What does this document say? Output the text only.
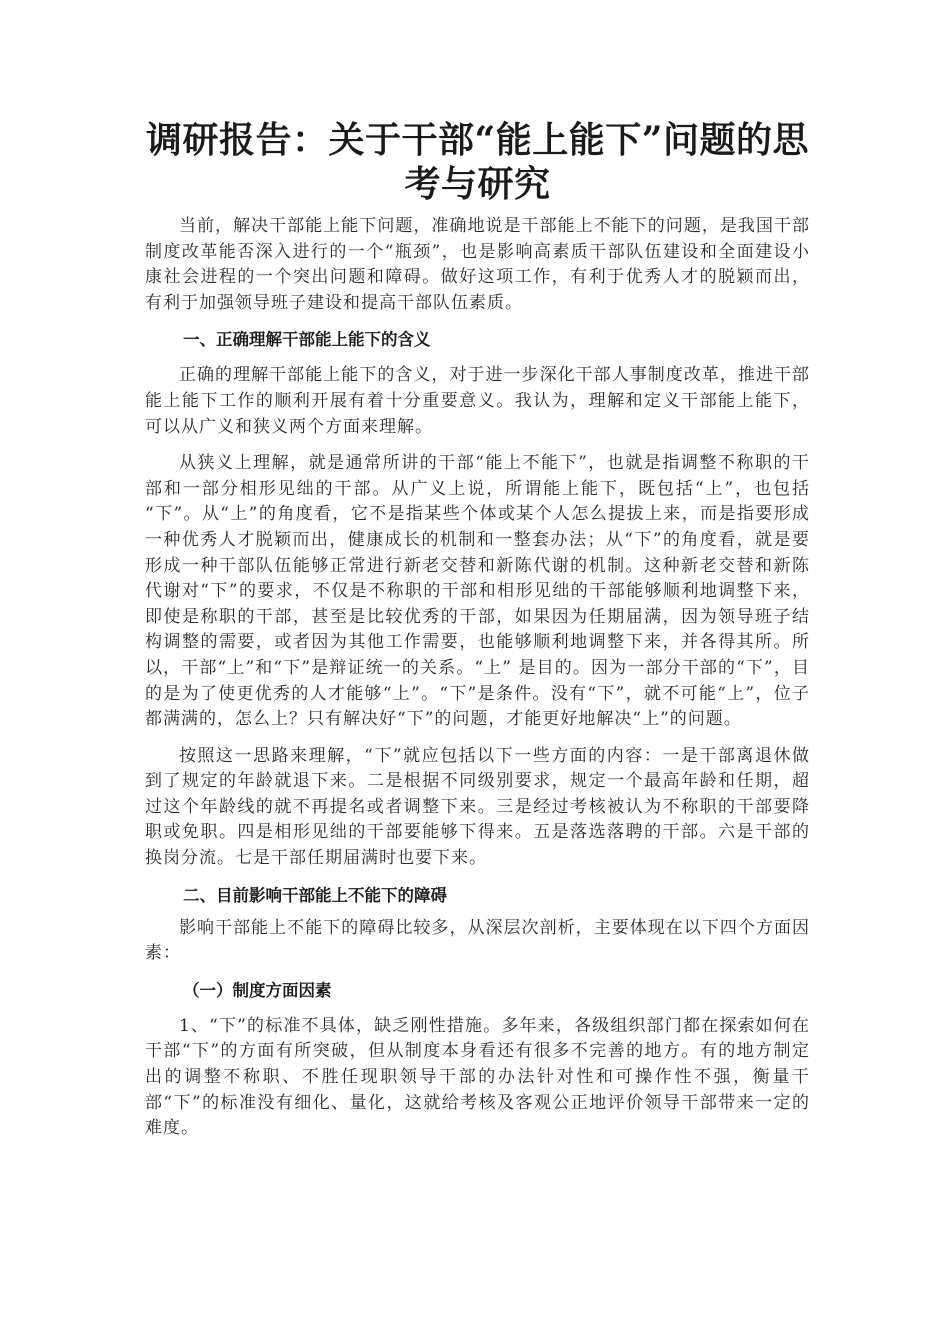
调研报告：关于干部“能上能下”问题的思考与研究

当前，解决干部能上能下问题，准确地说是干部能上不能下的问题，是我国干部制度改革能否深入进行的一个“瓶颈”，也是影响高素质干部队伍建设和全面建设小康社会进程的一个突出问题和障碍。做好这项工作，有利于优秀人才的脱颖而出，有利于加强领导班子建设和提高干部队伍素质。

一、正确理解干部能上能下的含义

正确的理解干部能上能下的含义，对于进一步深化干部人事制度改革，推进干部能上能下工作的顺利开展有着十分重要意义。我认为，理解和定义干部能上能下，可以从广义和狭义两个方面来理解。

从狭义上理解，就是通常所讲的干部“能上不能下”，也就是指调整不称职的干部和一部分相形见绌的干部。从广义上说，所谓能上能下，既包括“上”，也包括 “下”。从“上”的角度看，它不是指某些个体或某个人怎么提拔上来，而是指要形成一种优秀人才脱颖而出，健康成长的机制和一整套办法；从“下”的角度看，就是要形成一种干部队伍能够正常进行新老交替和新陈代谢的机制。这种新老交替和新陈代谢对“下”的要求，不仅是不称职的干部和相形见绌的干部能够顺利地调整下来，即使是称职的干部，甚至是比较优秀的干部，如果因为任期届满，因为领导班子结构调整的需要，或者因为其他工作需要，也能够顺利地调整下来，并各得其所。所以，干部“上”和“下”是辩证统一的关系。“上” 是目的。因为一部分干部的“下”，目的是为了使更优秀的人才能够“上”。“下”是条件。没有“下”，就不可能“上”，位子都满满的，怎么上？只有解决好“下”的问题，才能更好地解决“上”的问题。

按照这一思路来理解，“下”就应包括以下一些方面的内容：一是干部离退休做到了规定的年龄就退下来。二是根据不同级别要求，规定一个最高年龄和任期，超过这个年龄线的就不再提名或者调整下来。三是经过考核被认为不称职的干部要降职或免职。四是相形见绌的干部要能够下得来。五是落选落聘的干部。六是干部的换岗分流。七是干部任期届满时也要下来。

二、目前影响干部能上不能下的障碍

影响干部能上不能下的障碍比较多，从深层次剖析，主要体现在以下四个方面因素：

（一）制度方面因素

1、“下”的标准不具体，缺乏刚性措施。多年来，各级组织部门都在探索如何在干部“下”的方面有所突破，但从制度本身看还有很多不完善的地方。有的地方制定出的调整不称职、不胜任现职领导干部的办法针对性和可操作性不强，衡量干部“下”的标准没有细化、量化，这就给考核及客观公正地评价领导干部带来一定的难度。
